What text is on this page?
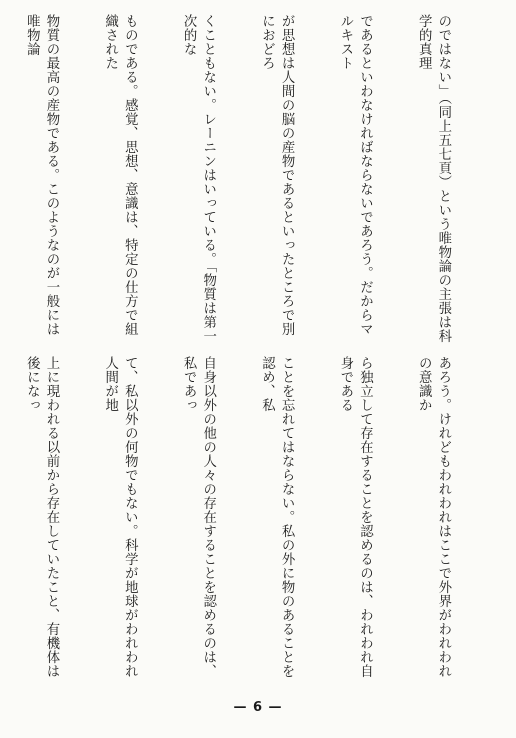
のではない」（同上五七頁）という唯物論の主張は科学的真理

であるといわなければならないであろう。だからマルキスト

が思想は人間の脳の産物であるといったところで別におどろ

くこともない。レーニンはいっている。「物質は第一次的な

ものである。感覚、思想、意識は、特定の仕方で組織された

物質の最高の産物である。このようなのが一般には唯物論

あろう。けれどもわれわれはここで外界がわれわれの意識か

ら独立して存在することを認めるのは、われわれ自身である

ことを忘れてはならない。私の外に物のあることを認め、私

自身以外の他の人々の存在することを認めるのは、私であっ

て、私以外の何物でもない。科学が地球がわれわれ人間が地

上に現われる以前から存在していたこと、有機体は後になっ

— 6 —
